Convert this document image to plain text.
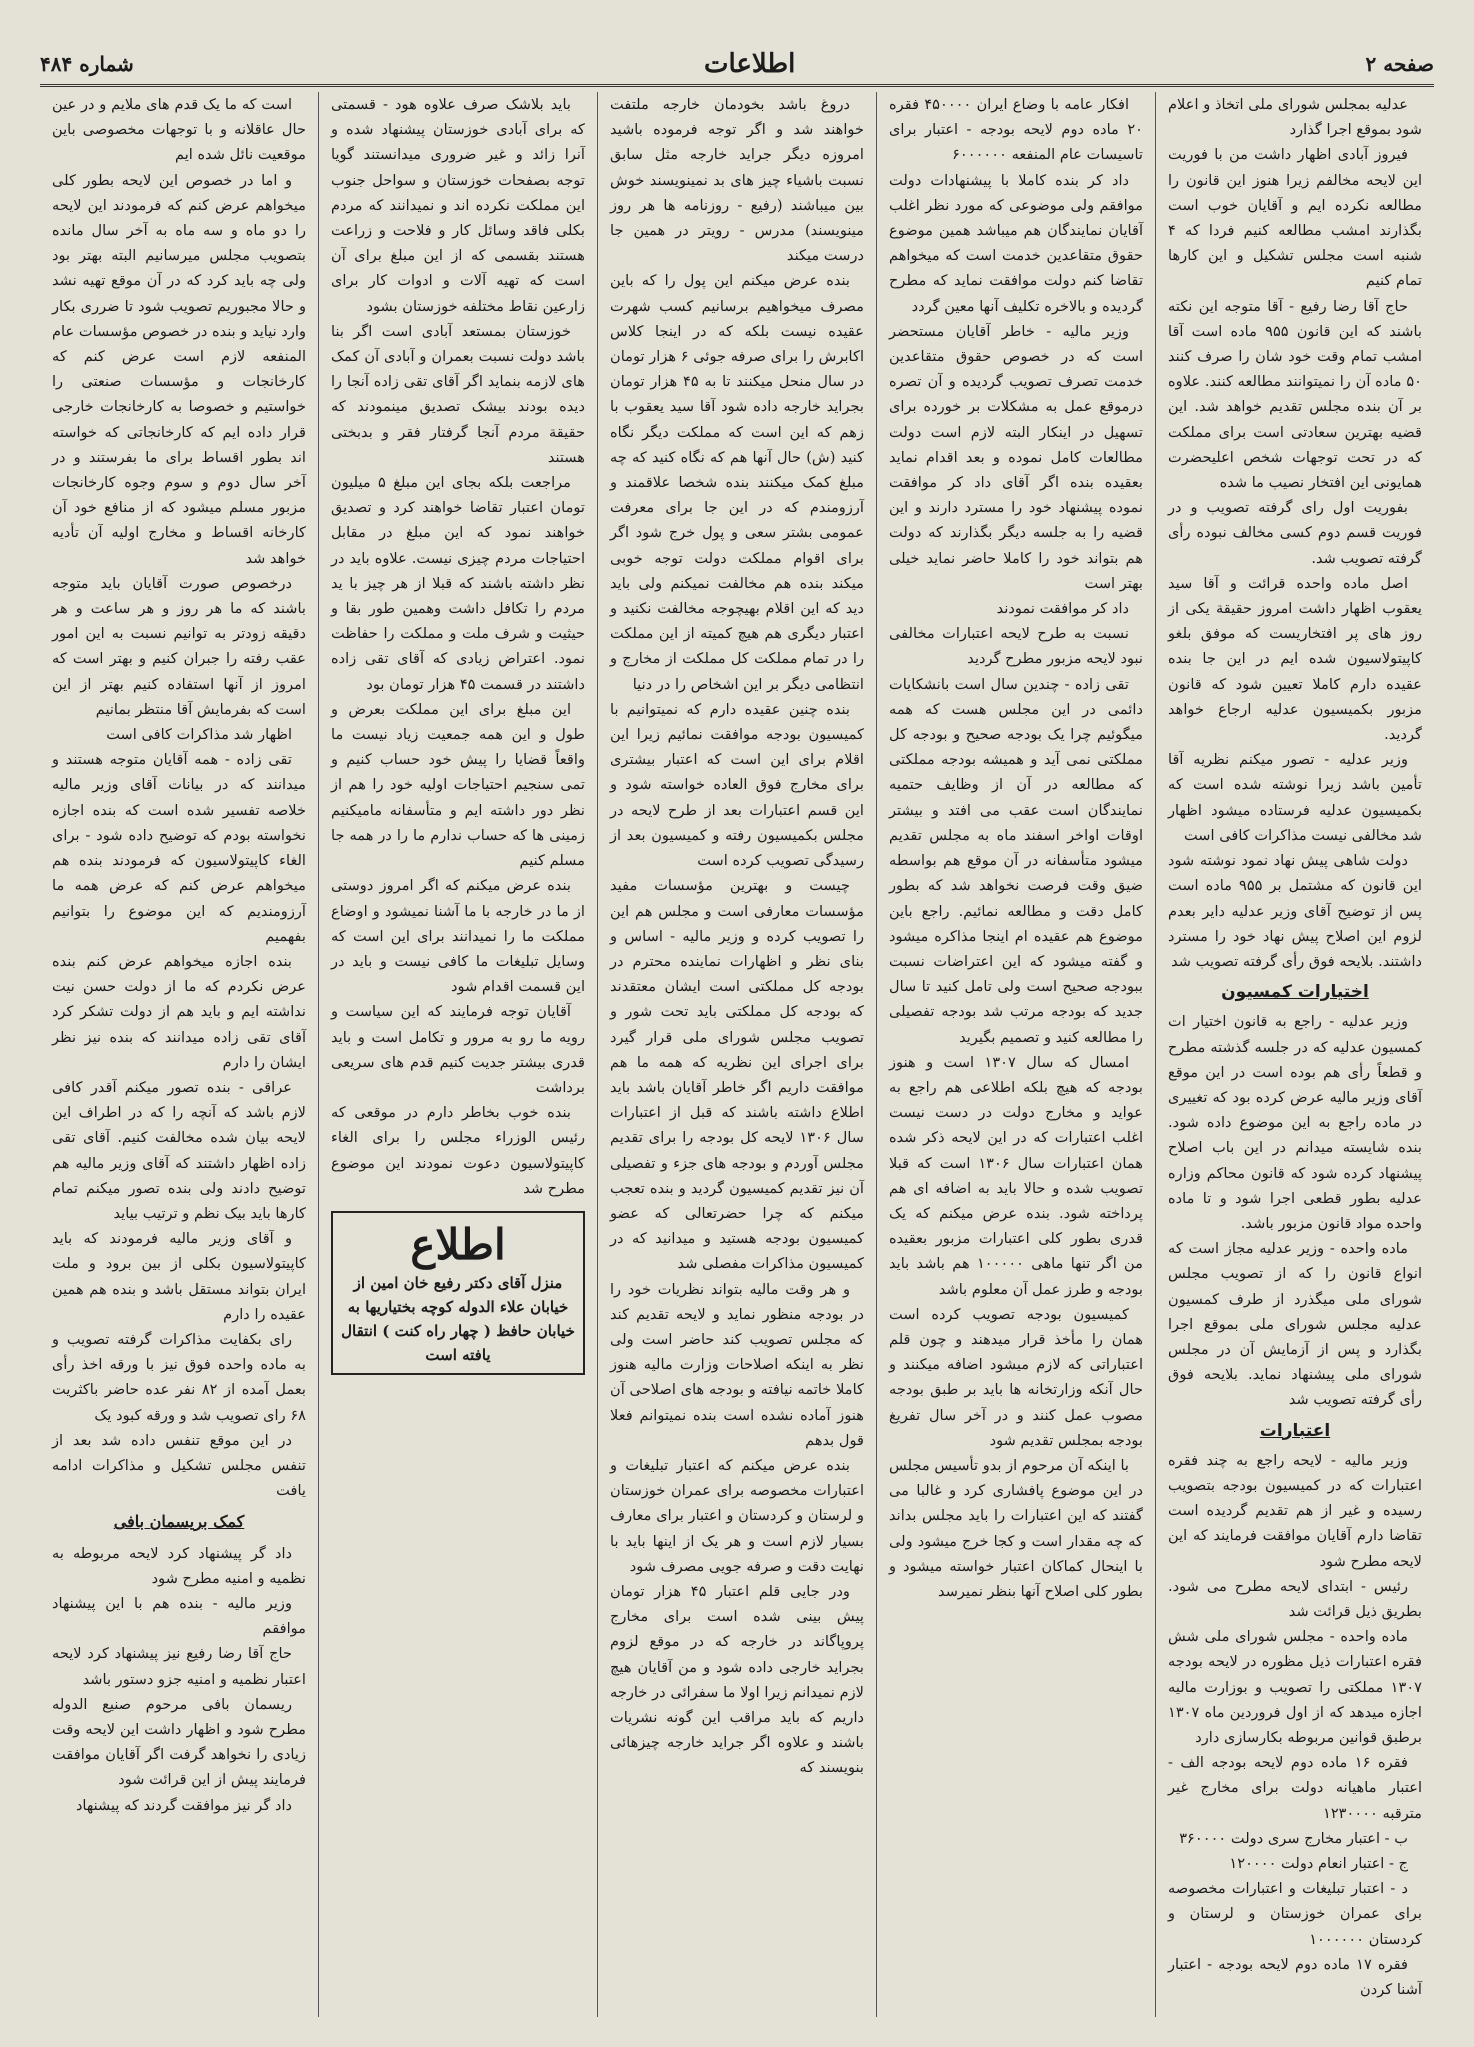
صفحه ۲
اطلاعات
شماره ۴۸۴

عدلیه بمجلس شورای ملی اتخاذ و اعلام شود بموقع اجرا گذارد

فیروز آبادی اظهار داشت من با فوریت این لایحه مخالفم زیرا هنوز این قانون را مطالعه نکرده ایم و آقایان خوب است بگذارند امشب مطالعه کنیم فردا که ۴ شنبه است مجلس تشکیل و این کارها تمام کنیم

حاج آقا رضا رفیع - آقا متوجه این نکته باشند که این قانون ۹۵۵ ماده است آقا امشب تمام وقت خود شان را صرف کنند ۵۰ ماده آن را نمیتوانند مطالعه کنند. علاوه بر آن بنده مجلس تقدیم خواهد شد. این قضیه بهترین سعادتی است برای مملکت که در تحت توجهات شخص اعلیحضرت همایونی این افتخار نصیب ما شده

بفوریت اول رای گرفته تصویب و در فوریت قسم دوم کسی مخالف نبوده رأی گرفته تصویب شد.

اصل ماده واحده قرائت و آقا سید یعقوب اظهار داشت امروز حقیقة یکی از روز های پر افتخاریست که موفق بلغو کاپیتولاسیون شده ایم در این جا بنده عقیده دارم کاملا تعیین شود که قانون مزبور بکمیسیون عدلیه ارجاع خواهد گردید.

وزیر عدلیه - تصور میکنم نظریه آقا تأمین باشد زیرا نوشته شده است که بکمیسیون عدلیه فرستاده میشود اظهار شد مخالفی نیست مذاکرات کافی است

دولت شاهی پیش نهاد نمود نوشته شود این قانون که مشتمل بر ۹۵۵ ماده است پس از توضیح آقای وزیر عدلیه دایر بعدم لزوم این اصلاح پیش نهاد خود را مسترد داشتند. بلایحه فوق رأی گرفته تصویب شد

اختیارات کمسیون

وزیر عدلیه - راجع به قانون اختیار ات کمسیون عدلیه که در جلسه گذشته مطرح و قطعاً رأی هم بوده است در این موقع آقای وزیر مالیه عرض کرده بود که تغییری در ماده راجع به این موضوع داده شود. بنده شایسته میدانم در این باب اصلاح پیشنهاد کرده شود که قانون محاکم وزاره عدلیه بطور قطعی اجرا شود و تا ماده واحده مواد قانون مزبور باشد.

ماده واحده - وزیر عدلیه مجاز است که انواع قانون را که از تصویب مجلس شورای ملی میگذرد از طرف کمسیون عدلیه مجلس شورای ملی بموقع اجرا بگذارد و پس از آزمایش آن در مجلس شورای ملی پیشنهاد نماید. بلایحه فوق رأی گرفته تصویب شد

اعتبارات

وزیر مالیه - لایحه راجع به چند فقره اعتبارات که در کمیسیون بودجه بتصویب رسیده و غیر از هم تقدیم گردیده است تقاضا دارم آقایان موافقت فرمایند که این لایحه مطرح شود

رئیس - ابتدای لایحه مطرح می شود. بطریق ذیل قرائت شد

ماده واحده - مجلس شورای ملی شش فقره اعتبارات ذیل مظوره در لایحه بودجه ۱۳۰۷ مملکتی را تصویب و بوزارت مالیه اجازه میدهد که از اول فروردین ماه ۱۳۰۷ برطبق قوانین مربوطه بکارسازی دارد

فقره ۱۶ ماده دوم لایحه بودجه الف - اعتبار ماهیانه دولت برای مخارج غیر مترقبه ۱۲۳۰۰۰۰

ب - اعتبار مخارج سری دولت ۳۶۰۰۰۰

ج - اعتبار انعام دولت ۱۲۰۰۰۰

د - اعتبار تبلیغات و اعتبارات مخصوصه برای عمران خوزستان و لرستان و کردستان ۱۰۰۰۰۰۰

فقره ۱۷ ماده دوم لایحه بودجه - اعتبار آشنا کردن

افکار عامه با وضاع ایران ۴۵۰۰۰۰ فقره ۲۰ ماده دوم لایحه بودجه - اعتبار برای تاسیسات عام المنفعه ۶۰۰۰۰۰۰

داد کر بنده کاملا با پیشنهادات دولت موافقم ولی موضوعی که مورد نظر اغلب آقایان نمایندگان هم میباشد همین موضوع حقوق متقاعدین خدمت است که میخواهم تقاضا کنم دولت موافقت نماید که مطرح گردیده و بالاخره تکلیف آنها معین گردد

وزیر مالیه - خاطر آقایان مستحضر است که در خصوص حقوق متقاعدین خدمت تصرف تصویب گردیده و آن تصره درموقع عمل به مشکلات بر خورده برای تسهیل در اینکار البته لازم است دولت مطالعات کامل نموده و بعد اقدام نماید بعقیده بنده اگر آقای داد کر موافقت نموده پیشنهاد خود را مسترد دارند و این قضیه را به جلسه دیگر بگذارند که دولت هم بتواند خود را کاملا حاضر نماید خیلی بهتر است

داد کر موافقت نمودند

نسبت به طرح لایحه اعتبارات مخالفی نبود لایحه مزبور مطرح گردید

تقی زاده - چندین سال است بانشکایات دائمی در این مجلس هست که همه میگوئیم چرا یک بودجه صحیح و بودجه کل مملکتی نمی آید و همیشه بودجه مملکتی که مطالعه در آن از وظایف حتمیه نمایندگان است عقب می افتد و بیشتر اوقات اواخر اسفند ماه به مجلس تقدیم میشود متأسفانه در آن موقع هم بواسطه ضیق وقت فرصت نخواهد شد که بطور کامل دقت و مطالعه نمائیم. راجع باین موضوع هم عقیده ام اینجا مذاکره میشود و گفته میشود که این اعتراضات نسبت ببودجه صحیح است ولی تامل کنید تا سال جدید که بودجه مرتب شد بودجه تفصیلی را مطالعه کنید و تصمیم بگیرید

امسال که سال ۱۳۰۷ است و هنوز بودجه که هیچ بلکه اطلاعی هم راجع به عواید و مخارج دولت در دست نیست اغلب اعتبارات که در این لایحه ذکر شده همان اعتبارات سال ۱۳۰۶ است که قبلا تصویب شده و حالا باید به اضافه ای هم پرداخته شود. بنده عرض میکنم که یک قدری بطور کلی اعتبارات مزبور بعقیده من اگر تنها ماهی ۱۰۰۰۰۰ هم باشد باید بودجه و طرز عمل آن معلوم باشد

کمیسیون بودجه تصویب کرده است همان را مأخذ قرار میدهند و چون قلم اعتباراتی که لازم میشود اضافه میکنند و حال آنکه وزارتخانه ها باید بر طبق بودجه مصوب عمل کنند و در آخر سال تفریغ بودجه بمجلس تقدیم شود

با اینکه آن مرحوم از بدو تأسیس مجلس در این موضوع پافشاری کرد و غالبا می گفتند که این اعتبارات را باید مجلس بداند که چه مقدار است و کجا خرج میشود ولی با اینحال کماکان اعتبار خواسته میشود و بطور کلی اصلاح آنها بنظر نمیرسد

دروغ باشد بخودمان خارجه ملتفت خواهند شد و اگر توجه فرموده باشید امروزه دیگر جراید خارجه مثل سابق نسبت باشیاء چیز های بد نمینویسند خوش بین میباشند (رفیع - روزنامه ها هر روز مینویسند) مدرس - رویتر در همین جا درست میکند

بنده عرض میکنم این پول را که باین مصرف میخواهیم برسانیم کسب شهرت عقیده نیست بلکه که در اینجا کلاس اکابرش را برای صرفه جوئی ۶ هزار تومان در سال منحل میکنند تا به ۴۵ هزار تومان بجراید خارجه داده شود آقا سید یعقوب با زهم که این است که مملکت دیگر نگاه کنید (ش) حال آنها هم که نگاه کنید که چه مبلغ کمک میکنند بنده شخصا علاقمند و آرزومندم که در این جا برای معرفت عمومی بشتر سعی و پول خرج شود اگر برای اقوام مملکت دولت توجه خوبی میکند بنده هم مخالفت نمیکنم ولی باید دید که این اقلام بهیچوجه مخالفت نکنید و اعتبار دیگری هم هیچ کمیته از این مملکت را در تمام مملکت کل مملکت از مخارج و انتظامی دیگر بر این اشخاص را در دنیا

بنده چنین عقیده دارم که نمیتوانیم با کمیسیون بودجه موافقت نمائیم زیرا این اقلام برای این است که اعتبار بیشتری برای مخارج فوق العاده خواسته شود و این قسم اعتبارات بعد از طرح لایحه در مجلس بکمیسیون رفته و کمیسیون بعد از رسیدگی تصویب کرده است

چیست و بهترین مؤسسات مفید مؤسسات معارفی است و مجلس هم این را تصویب کرده و وزیر مالیه - اساس و بنای نظر و اظهارات نماینده محترم در بودجه کل مملکتی است ایشان معتقدند که بودجه کل مملکتی باید تحت شور و تصویب مجلس شورای ملی قرار گیرد برای اجرای این نظریه که همه ما هم موافقت داریم اگر خاطر آقایان باشد باید اطلاع داشته باشند که قبل از اعتبارات سال ۱۳۰۶ لایحه کل بودجه را برای تقدیم مجلس آوردم و بودجه های جزء و تفصیلی آن نیز تقدیم کمیسیون گردید و بنده تعجب میکنم که چرا حضرتعالی که عضو کمیسیون بودجه هستید و میدانید که در کمیسیون مذاکرات مفصلی شد

و هر وقت مالیه بتواند نظریات خود را در بودجه منظور نماید و لایحه تقدیم کند که مجلس تصویب کند حاضر است ولی نظر به اینکه اصلاحات وزارت مالیه هنوز کاملا خاتمه نیافته و بودجه های اصلاحی آن هنوز آماده نشده است بنده نمیتوانم فعلا قول بدهم

بنده عرض میکنم که اعتبار تبلیغات و اعتبارات مخصوصه برای عمران خوزستان و لرستان و کردستان و اعتبار برای معارف بسیار لازم است و هر یک از اینها باید با نهایت دقت و صرفه جویی مصرف شود

ودر جایی قلم اعتبار ۴۵ هزار تومان پیش بینی شده است برای مخارج پروپاگاند در خارجه که در موقع لزوم بجراید خارجی داده شود و من آقایان هیچ لازم نمیدانم زیرا اولا ما سفرائی در خارجه داریم که باید مراقب این گونه نشریات باشند و علاوه اگر جراید خارجه چیزهائی بنویسند که

باید بلاشک صرف علاوه هود - قسمتی که برای آبادی خوزستان پیشنهاد شده و آنرا زائد و غیر ضروری میدانستند گویا توجه بصفحات خوزستان و سواحل جنوب این مملکت نکرده اند و نمیدانند که مردم بکلی فاقد وسائل کار و فلاحت و زراعت هستند بقسمی که از این مبلغ برای آن است که تهیه آلات و ادوات کار برای زارعین نقاط مختلفه خوزستان بشود

خوزستان بمستعد آبادی است اگر بنا باشد دولت نسبت بعمران و آبادی آن کمک های لازمه بنماید اگر آقای تقی زاده آنجا را دیده بودند بیشک تصدیق مینمودند که حقیقة مردم آنجا گرفتار فقر و بدبختی هستند

مراجعت بلکه بجای این مبلغ ۵ میلیون تومان اعتبار تقاضا خواهند کرد و تصدیق خواهند نمود که این مبلغ در مقابل احتیاجات مردم چیزی نیست. علاوه باید در نظر داشته باشند که قبلا از هر چیز با ید مردم را تکافل داشت وهمین طور بقا و حیثیت و شرف ملت و مملکت را حفاظت نمود. اعتراض زیادی که آقای تقی زاده داشتند در قسمت ۴۵ هزار تومان بود

این مبلغ برای این مملکت بعرض و طول و این همه جمعیت زیاد نیست ما واقعاً قضایا را پیش خود حساب کنیم و تمی سنجیم احتیاجات اولیه خود را هم از نظر دور داشته ایم و متأسفانه مامیکنیم زمینی ها که حساب ندارم ما را در همه جا مسلم کنیم

بنده عرض میکنم که اگر امروز دوستی از ما در خارجه با ما آشنا نمیشود و اوضاع مملکت ما را نمیدانند برای این است که وسایل تبلیغات ما کافی نیست و باید در این قسمت اقدام شود

آقایان توجه فرمایند که این سیاست و رویه ما رو به مرور و تکامل است و باید قدری بیشتر جدیت کنیم قدم های سریعی برداشت

بنده خوب بخاطر دارم در موقعی که رئیس الوزراء مجلس را برای الغاء کاپیتولاسیون دعوت نمودند این موضوع مطرح شد

اطلاع
منزل آقای دکتر رفیع خان امین از خیابان علاء الدوله کوچه بختیاریها به خیابان حافظ ( چهار راه کنت ) انتقال یافته است

است که ما یک قدم های ملایم و در عین حال عاقلانه و با توجهات مخصوصی باین موقعیت نائل شده ایم

و اما در خصوص این لایحه بطور کلی میخواهم عرض کنم که فرمودند این لایحه را دو ماه و سه ماه به آخر سال مانده بتصویب مجلس میرسانیم البته بهتر بود ولی چه باید کرد که در آن موقع تهیه نشد و حالا مجبوریم تصویب شود تا ضرری بکار وارد نیاید و بنده در خصوص مؤسسات عام المنفعه لازم است عرض کنم که کارخانجات و مؤسسات صنعتی را خواستیم و خصوصا به کارخانجات خارجی قرار داده ایم که کارخانجاتی که خواسته اند بطور اقساط برای ما بفرستند و در آخر سال دوم و سوم وجوه کارخانجات مزبور مسلم میشود که از منافع خود آن کارخانه اقساط و مخارج اولیه آن تأدیه خواهد شد

درخصوص صورت آقایان باید متوجه باشند که ما هر روز و هر ساعت و هر دقیقه زودتر به توانیم نسبت به این امور عقب رفته را جبران کنیم و بهتر است که امروز از آنها استفاده کنیم بهتر از این است که بفرمایش آقا منتظر بمانیم

اظهار شد مذاکرات کافی است

تقی زاده - همه آقایان متوجه هستند و میدانند که در بیانات آقای وزیر مالیه خلاصه تفسیر شده است که بنده اجازه نخواسته بودم که توضیح داده شود - برای الغاء کاپیتولاسیون که فرمودند بنده هم میخواهم عرض کنم که عرض همه ما آرزومندیم که این موضوع را بتوانیم بفهمیم

بنده اجازه میخواهم عرض کنم بنده عرض نکردم که ما از دولت حسن نیت نداشته ایم و باید هم از دولت تشکر کرد آقای تقی زاده میدانند که بنده نیز نظر ایشان را دارم

عراقی - بنده تصور میکنم آقدر کافی لازم باشد که آنچه را که در اطراف این لایحه بیان شده مخالفت کنیم. آقای تقی زاده اظهار داشتند که آقای وزیر مالیه هم توضیح دادند ولی بنده تصور میکنم تمام کارها باید بیک نظم و ترتیب بیاید

و آقای وزیر مالیه فرمودند که باید کاپیتولاسیون بکلی از بین برود و ملت ایران بتواند مستقل باشد و بنده هم همین عقیده را دارم

رای بکفایت مذاکرات گرفته تصویب و به ماده واحده فوق نیز با ورقه اخذ رأی بعمل آمده از ۸۲ نفر عده حاضر باکثریت ۶۸ رای تصویب شد و ورقه کبود یک

در این موقع تنفس داده شد بعد از تنفس مجلس تشکیل و مذاکرات ادامه یافت

کمک بریسمان بافی

داد گر پیشنهاد کرد لایحه مربوطه به نظمیه و امنیه مطرح شود

وزیر مالیه - بنده هم با این پیشنهاد موافقم

حاج آقا رضا رفیع نیز پیشنهاد کرد لایحه اعتبار نظمیه و امنیه جزو دستور باشد

ریسمان بافی مرحوم صنیع الدوله مطرح شود و اظهار داشت این لایحه وقت زیادی را نخواهد گرفت اگر آقایان موافقت فرمایند پیش از این قرائت شود

داد گر نیز موافقت گردند که پیشنهاد
